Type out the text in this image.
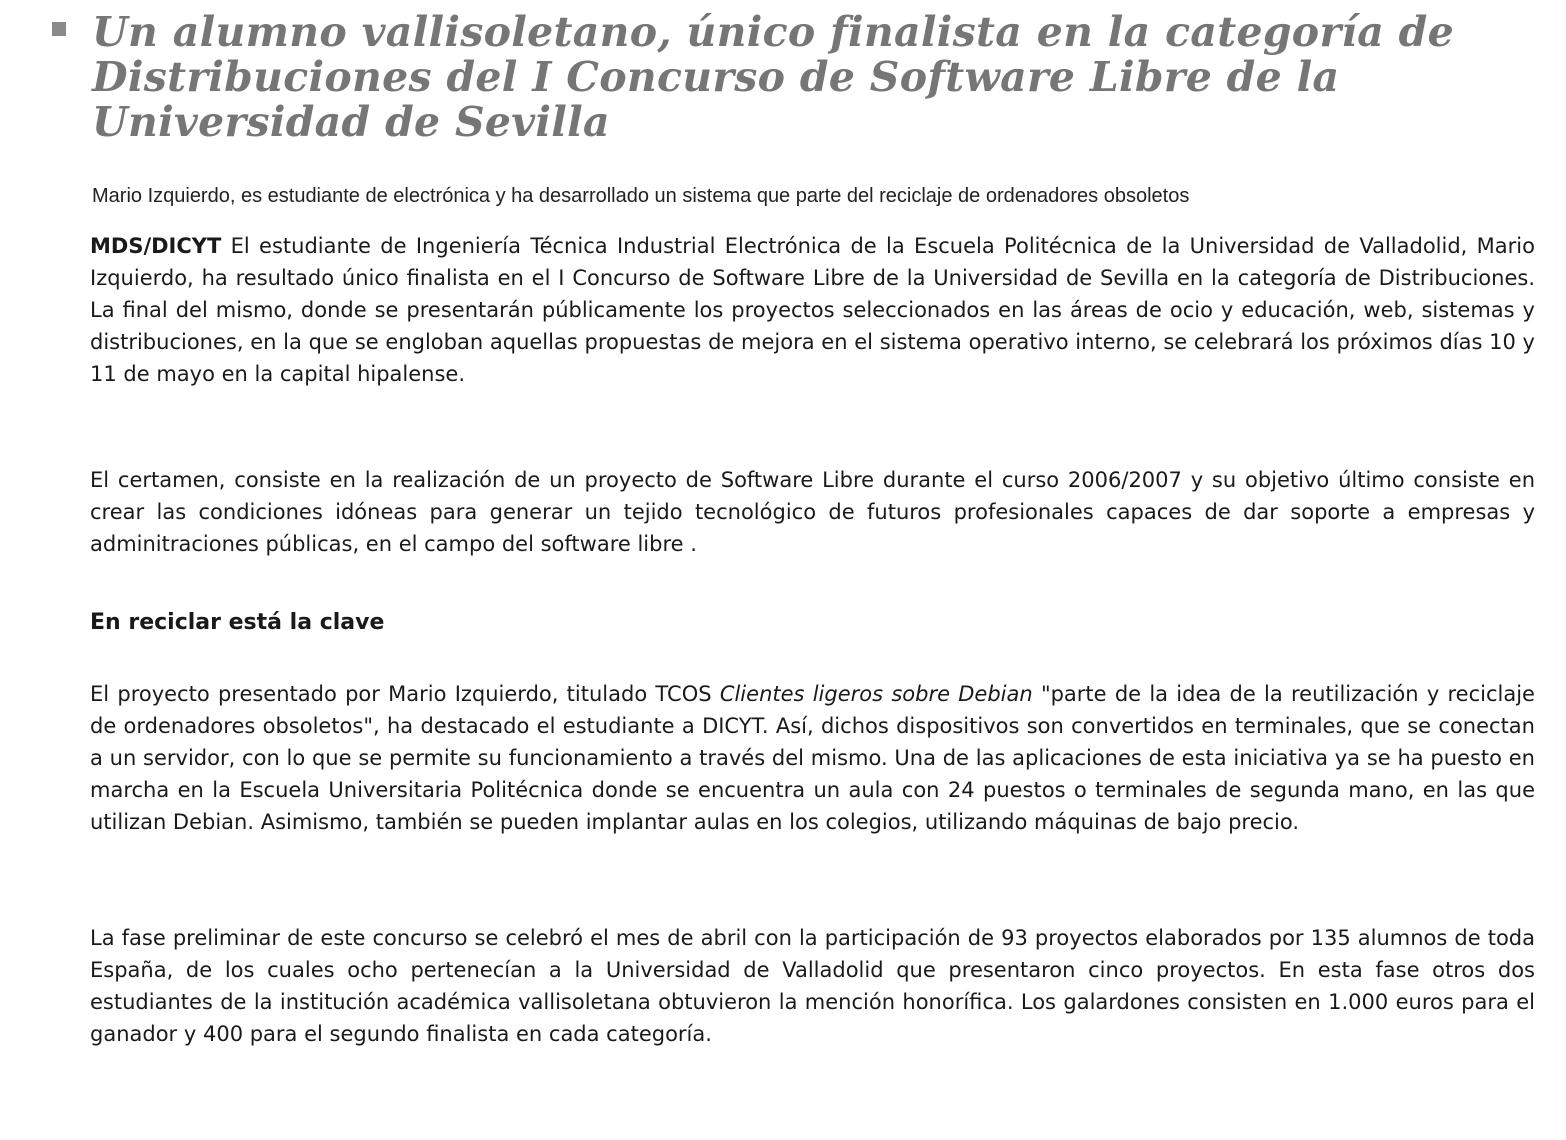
Un alumno vallisoletano, único finalista en la categoría de Distribuciones del I Concurso de Software Libre de la Universidad de Sevilla

Mario Izquierdo, es estudiante de electrónica y ha desarrollado un sistema que parte del reciclaje de ordenadores obsoletos

MDS/DICYT El estudiante de Ingeniería Técnica Industrial Electrónica de la Escuela Politécnica de la Universidad de Valladolid, Mario Izquierdo, ha resultado único finalista en el I Concurso de Software Libre de la Universidad de Sevilla en la categoría de Distribuciones. La final del mismo, donde se presentarán públicamente los proyectos seleccionados en las áreas de ocio y educación, web, sistemas y distribuciones, en la que se engloban aquellas propuestas de mejora en el sistema operativo interno, se celebrará los próximos días 10 y 11 de mayo en la capital hipalense.

El certamen, consiste en la realización de un proyecto de Software Libre durante el curso 2006/2007 y su objetivo último consiste en crear las condiciones idóneas para generar un tejido tecnológico de futuros profesionales capaces de dar soporte a empresas y adminitraciones públicas, en el campo del software libre .

En reciclar está la clave

El proyecto presentado por Mario Izquierdo, titulado TCOS Clientes ligeros sobre Debian "parte de la idea de la reutilización y reciclaje de ordenadores obsoletos", ha destacado el estudiante a DICYT. Así, dichos dispositivos son convertidos en terminales, que se conectan a un servidor, con lo que se permite su funcionamiento a través del mismo. Una de las aplicaciones de esta iniciativa ya se ha puesto en marcha en la Escuela Universitaria Politécnica donde se encuentra un aula con 24 puestos o terminales de segunda mano, en las que utilizan Debian. Asimismo, también se pueden implantar aulas en los colegios, utilizando máquinas de bajo precio.

La fase preliminar de este concurso se celebró el mes de abril con la participación de 93 proyectos elaborados por 135 alumnos de toda España, de los cuales ocho pertenecían a la Universidad de Valladolid que presentaron cinco proyectos. En esta fase otros dos estudiantes de la institución académica vallisoletana obtuvieron la mención honorífica. Los galardones consisten en 1.000 euros para el ganador y 400 para el segundo finalista en cada categoría.
